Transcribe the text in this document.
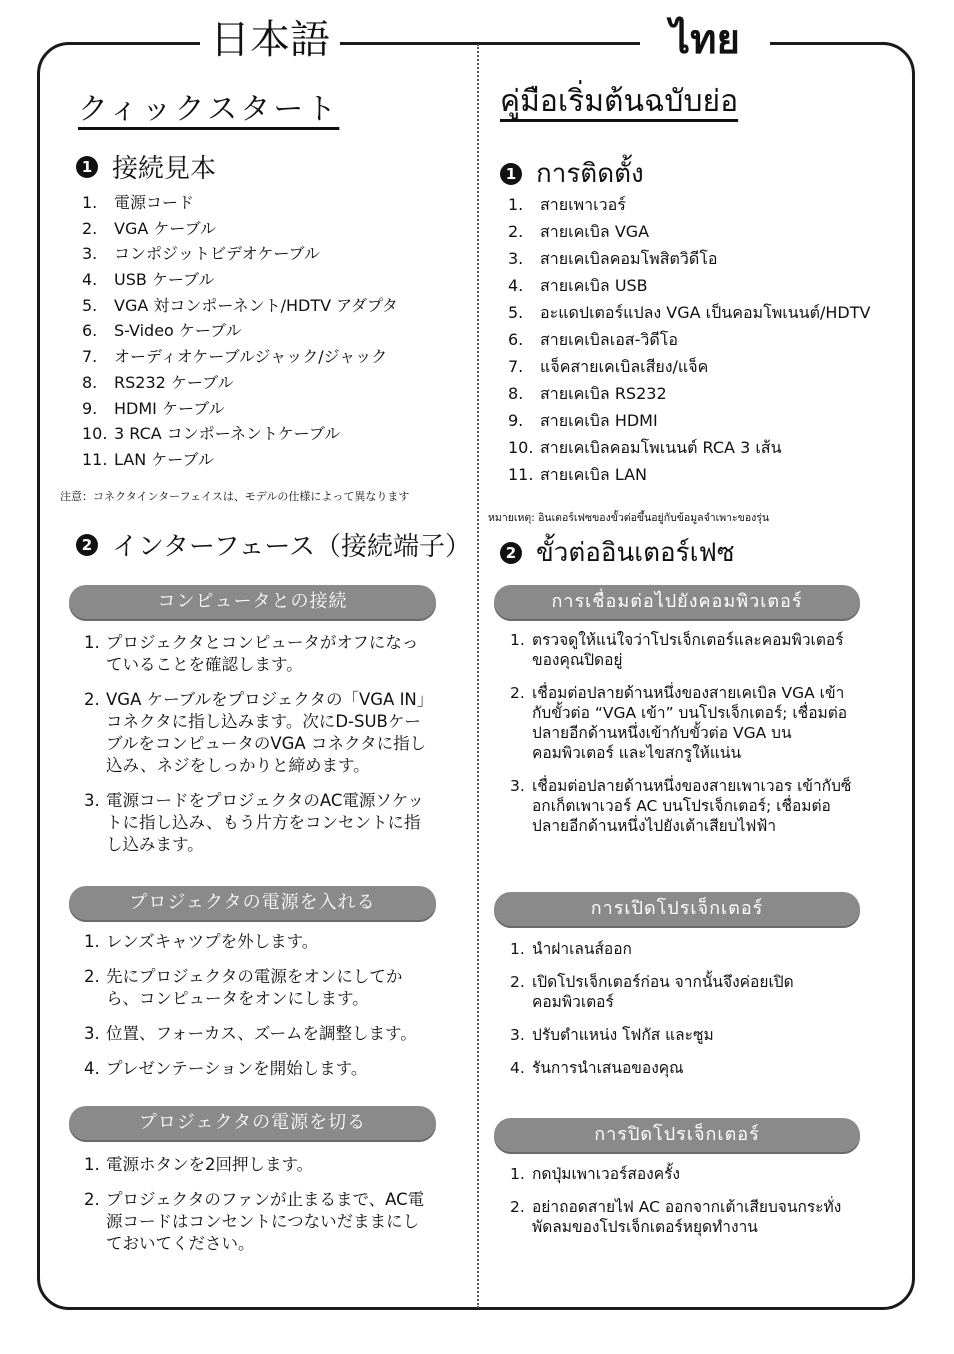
日本語	ไทย
クィックスタート
1 接続見本
1.	電源コード
2.	VGA ケーブル
3.	コンポジットビデオケーブル
4.	USB ケーブル
5.	VGA 対コンポーネント/HDTV アダプタ
6.	S-Video ケーブル
7.	オーディオケーブルジャック/ジャック
8.	RS232 ケーブル
9.	HDMI ケーブル
10. 3 RCA コンポーネントケーブル
11. LAN ケーブル
注意：コネクタインターフェイスは、モデルの仕様によって異なります
2 インターフェース（接続端子）
コンピュータとの接続
1. プロジェクタとコンピュータがオフになっていることを確認します。
2. VGA ケーブルをプロジェクタの「VGA IN」コネクタに指し込みます。次にD-SUBケーブルをコンピュータのVGA コネクタに指し込み、ネジをしっかりと締めます。
3. 電源コードをプロジェクタのAC電源ソケットに指し込み、もう片方をコンセントに指し込みます。
プロジェクタの電源を入れる
1. レンズキャツプを外します。
2. 先にプロジェクタの電源をオンにしてから、コンピュータをオンにします。
3. 位置、フォーカス、ズームを調整します。
4. プレゼンテーションを開始します。
プロジェクタの電源を切る
1. 電源ホタンを2回押します。
2. プロジェクタのファンが止まるまで、AC電源コードはコンセントにつないだままにしておいてください。
คู่มือเริ่มต้นฉบับย่อ
1 การติดตั้ง
1.	สายเพาเวอร์
2.	สายเคเบิล VGA
3.	สายเคเบิลคอมโพสิตวิดีโอ
4.	สายเคเบิล USB
5.	อะแดปเตอร์แปลง VGA เป็นคอมโพเนนต์/HDTV
6.	สายเคเบิลเอส-วิดีโอ
7.	แจ็คสายเคเบิลเสียง/แจ็ค
8.	สายเคเบิล RS232
9.	สายเคเบิล HDMI
10. สายเคเบิลคอมโพเนนต์ RCA 3 เส้น
11. สายเคเบิล LAN
หมายเหตุ: อินเตอร์เฟซของขั้วต่อขึ้นอยู่กับข้อมูลจำเพาะของรุ่น
2 ขั้วต่ออินเตอร์เฟซ
การเชื่อมต่อไปยังคอมพิวเตอร์
1. ตรวจดูให้แน่ใจว่าโปรเจ็กเตอร์และคอมพิวเตอร์ของคุณปิดอยู่
2. เชื่อมต่อปลายด้านหนึ่งของสายเคเบิล VGA เข้ากับขั้วต่อ “VGA เข้า” บนโปรเจ็กเตอร์; เชื่อมต่อปลายอีกด้านหนึ่งเข้ากับขั้วต่อ VGA บนคอมพิวเตอร์ และไขสกรูให้แน่น
3. เชื่อมต่อปลายด้านหนึ่งของสายเพาเวอร เข้ากับซ็อกเก็ตเพาเวอร์ AC บนโปรเจ็กเตอร์; เชื่อมต่อปลายอีกด้านหนึ่งไปยังเต้าเสียบไฟฟ้า
การเปิดโปรเจ็กเตอร์
1. นำฝาเลนส์ออก
2. เปิดโปรเจ็กเตอร์ก่อน จากนั้นจึงค่อยเปิดคอมพิวเตอร์
3. ปรับตำแหน่ง โฟกัส และซูม
4. รันการนำเสนอของคุณ
การปิดโปรเจ็กเตอร์
1. กดปุ่มเพาเวอร์สองครั้ง
2. อย่าถอดสายไฟ AC ออกจากเต้าเสียบจนกระทั่งพัดลมของโปรเจ็กเตอร์หยุดทำงาน
